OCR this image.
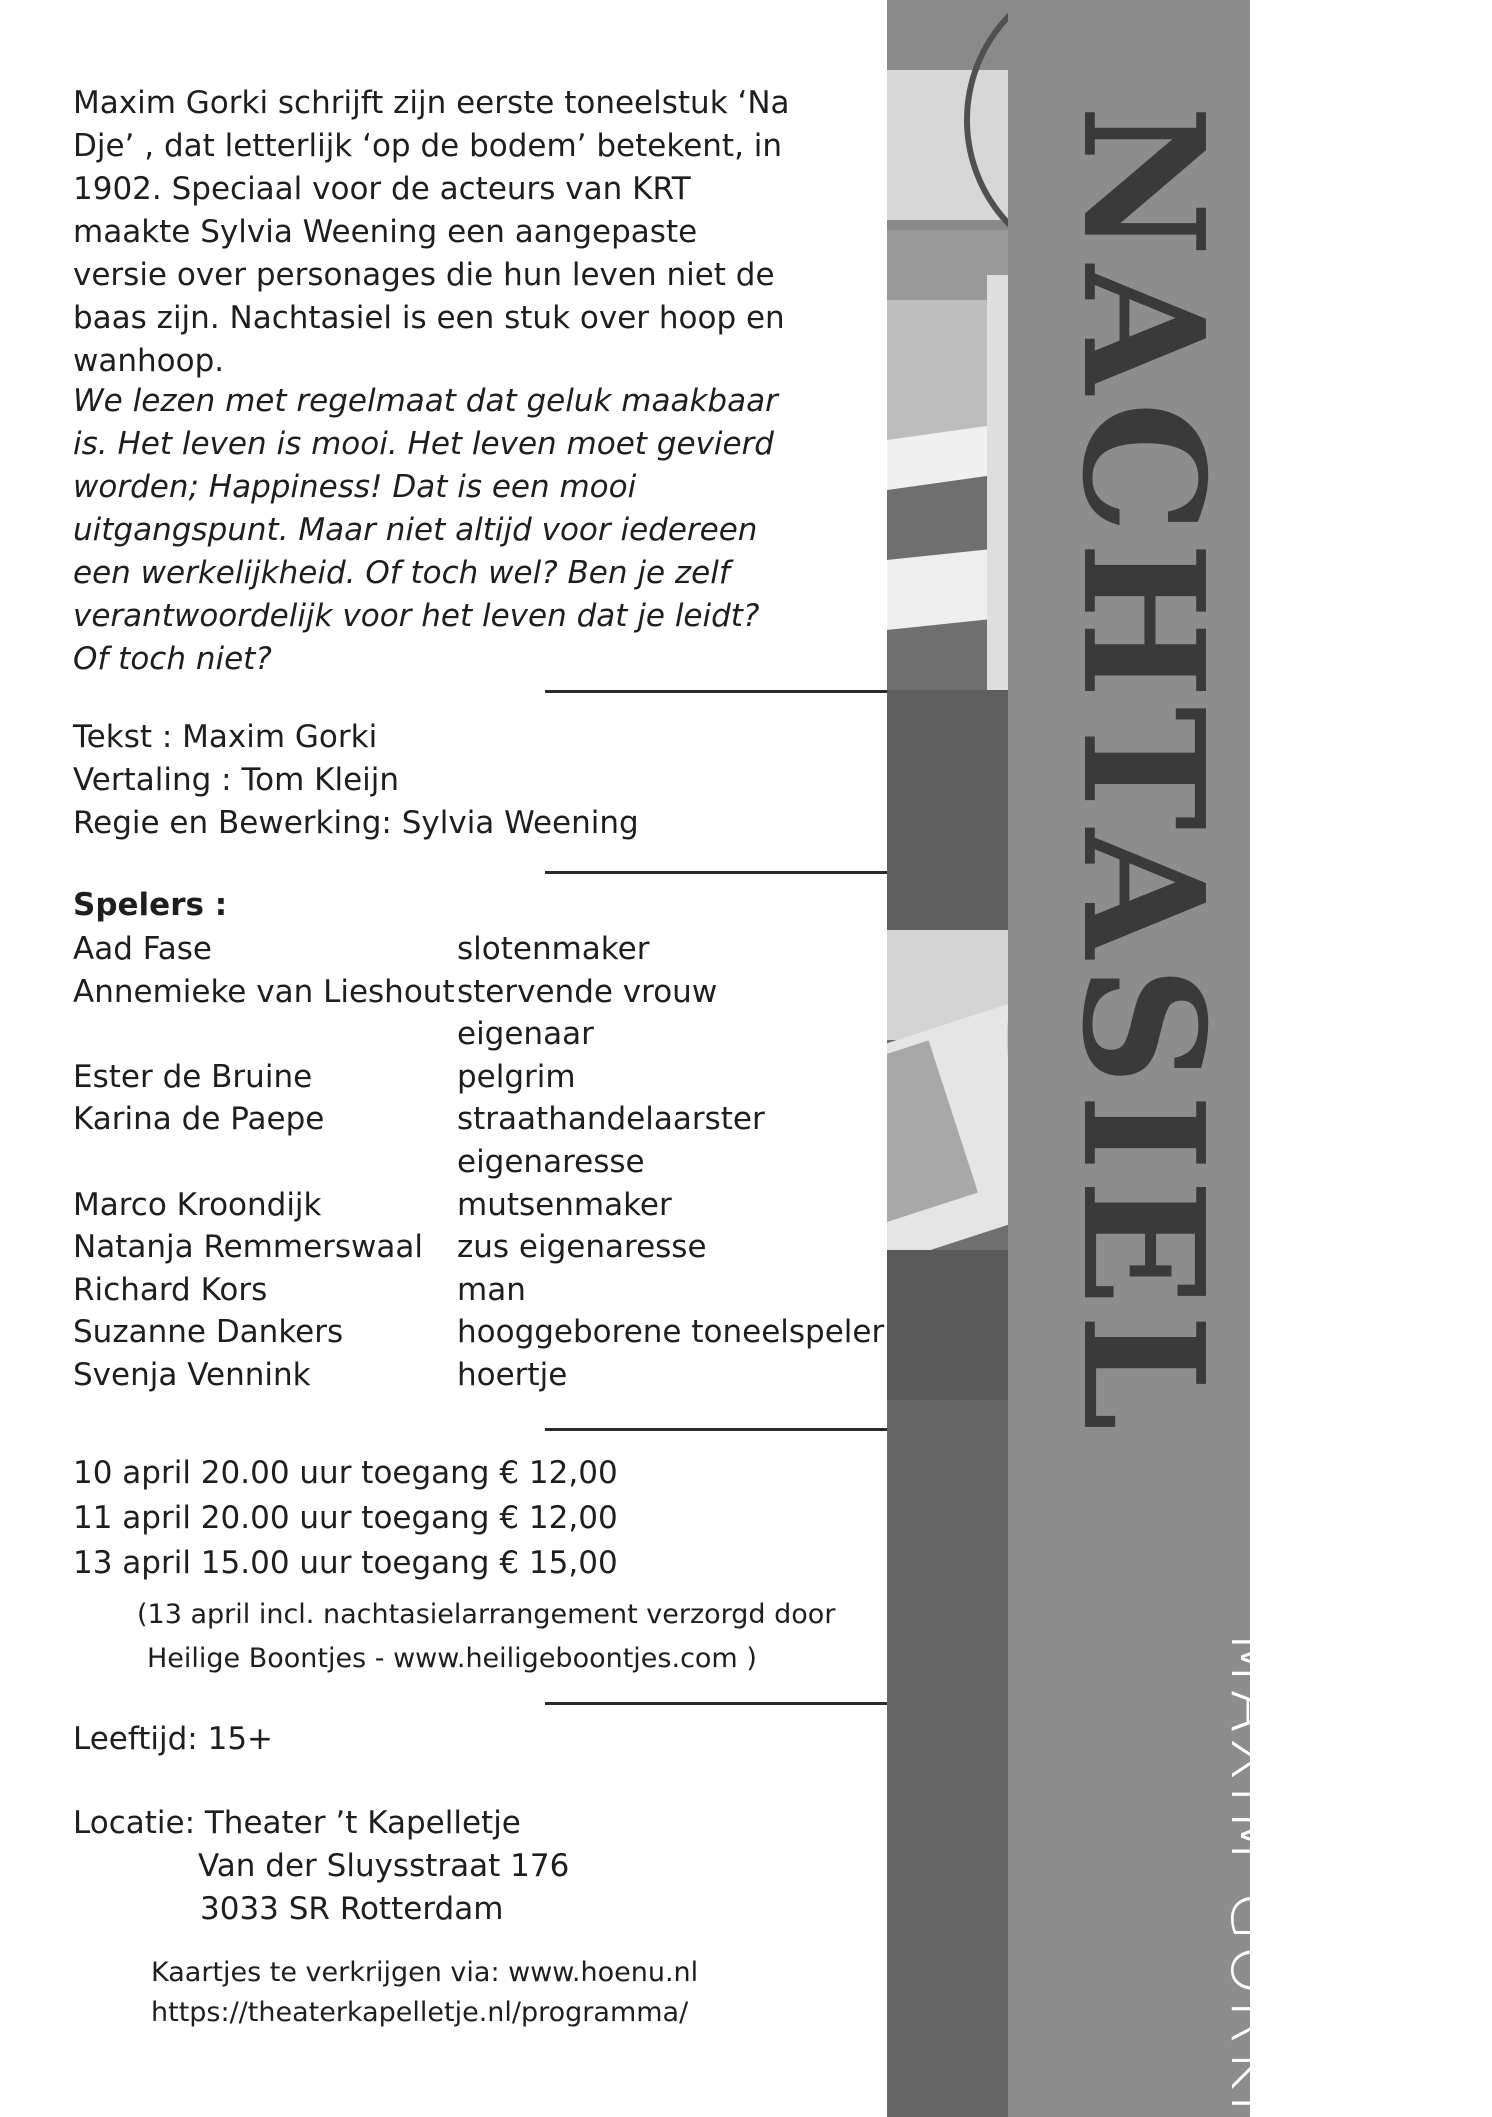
Maxim Gorki schrijft zijn eerste toneelstuk ‘Na Dje’ , dat letterlijk ‘op de bodem’ betekent, in 1902. Speciaal voor de acteurs van KRT maakte Sylvia Weening een aangepaste versie over personages die hun leven niet de baas zijn. Nachtasiel is een stuk over hoop en wanhoop.
We lezen met regelmaat dat geluk maakbaar is. Het leven is mooi. Het leven moet gevierd worden; Happiness! Dat is een mooi uitgangspunt. Maar niet altijd voor iedereen een werkelijkheid. Of toch wel? Ben je zelf verantwoordelijk voor het leven dat je leidt? Of toch niet?
Tekst : Maxim Gorki
Vertaling : Tom Kleijn
Regie en Bewerking: Sylvia Weening
Spelers :
Aad Fase	slotenmaker
Annemieke van Lieshout stervende vrouw
eigenaar
Ester de Bruine	pelgrim
Karina de Paepe	straathandelaarster
eigenaresse
Marco Kroondijk	mutsenmaker
Natanja Remmerswaal	zus eigenaresse
Richard Kors	man
Suzanne Dankers	hooggeborene toneelspeler
Svenja Vennink	hoertje
10 april 20.00 uur toegang € 12,00
11 april 20.00 uur toegang € 12,00
13 april 15.00 uur toegang € 15,00
(13 april incl. nachtasielarrangement verzorgd door
Heilige Boontjes - www.heiligeboontjes.com )
Leeftijd: 15+
Locatie: Theater ’t Kapelletje
Van der Sluysstraat 176
3033 SR Rotterdam
Kaartjes te verkrijgen via: www.hoenu.nl
https://theaterkapelletje.nl/programma/
NACHTASIEL
MAXIM GORKI
